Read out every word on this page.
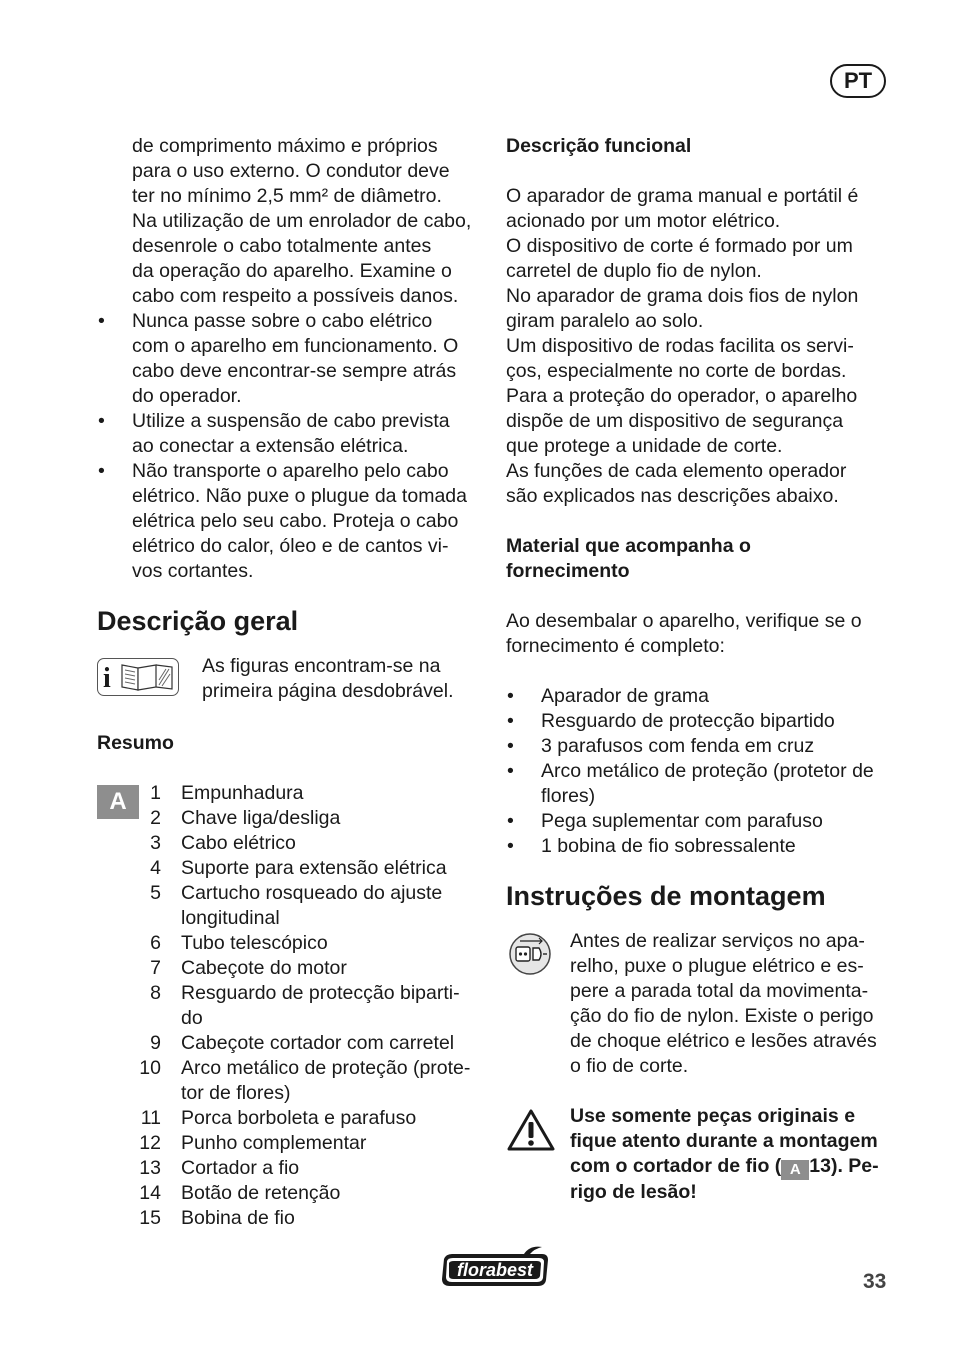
PT
de comprimento máximo e próprios
para o uso externo. O condutor deve
ter no mínimo 2,5 mm² de diâmetro.
Na utilização de um enrolador de cabo,
desenrole o cabo totalmente antes
da operação do aparelho. Examine o
cabo com respeito a possíveis danos.
• Nunca passe sobre o cabo elétrico
com o aparelho em funcionamento. O
cabo deve encontrar-se sempre atrás
do operador.
• Utilize a suspensão de cabo prevista
ao conectar a extensão elétrica.
• Não transporte o aparelho pelo cabo
elétrico. Não puxe o plugue da tomada
elétrica pelo seu cabo. Proteja o cabo
elétrico do calor, óleo e de cantos vi-
vos cortantes.
Descrição geral
i	As figuras encontram-se na
primeira página desdobrável.
Resumo
A	1 Empunhadura
2 Chave liga/desliga
3 Cabo elétrico
4 Suporte para extensão elétrica
5 Cartucho rosqueado do ajuste
longitudinal
6 Tubo telescópico
7 Cabeçote do motor
8 Resguardo de protecção biparti-
do
9 Cabeçote cortador com carretel
10 Arco metálico de proteção (prote-
tor de flores)
11 Porca borboleta e parafuso
12 Punho complementar
13 Cortador a fio
14 Botão de retenção
15 Bobina de fio
Descrição funcional
O aparador de grama manual e portátil é
acionado por um motor elétrico.
O dispositivo de corte é formado por um
carretel de duplo fio de nylon.
No aparador de grama dois fios de nylon
giram paralelo ao solo.
Um dispositivo de rodas facilita os servi-
ços, especialmente no corte de bordas.
Para a proteção do operador, o aparelho
dispõe de um dispositivo de segurança
que protege a unidade de corte.
As funções de cada elemento operador
são explicados nas descrições abaixo.
Material que acompanha o
fornecimento
Ao desembalar o aparelho, verifique se o
fornecimento é completo:
• Aparador de grama
• Resguardo de protecção bipartido
• 3 parafusos com fenda em cruz
• Arco metálico de proteção (protetor de
flores)
• Pega suplementar com parafuso
• 1 bobina de fio sobressalente
Instruções de montagem
Antes de realizar serviços no apa-
relho, puxe o plugue elétrico e es-
pere a parada total da movimenta-
ção do fio de nylon. Existe o perigo
de choque elétrico e lesões através
o fio de corte.
Use somente peças originais e
fique atento durante a montagem
com o cortador de fio ( A 13). Pe-
rigo de lesão!
florabest	33
